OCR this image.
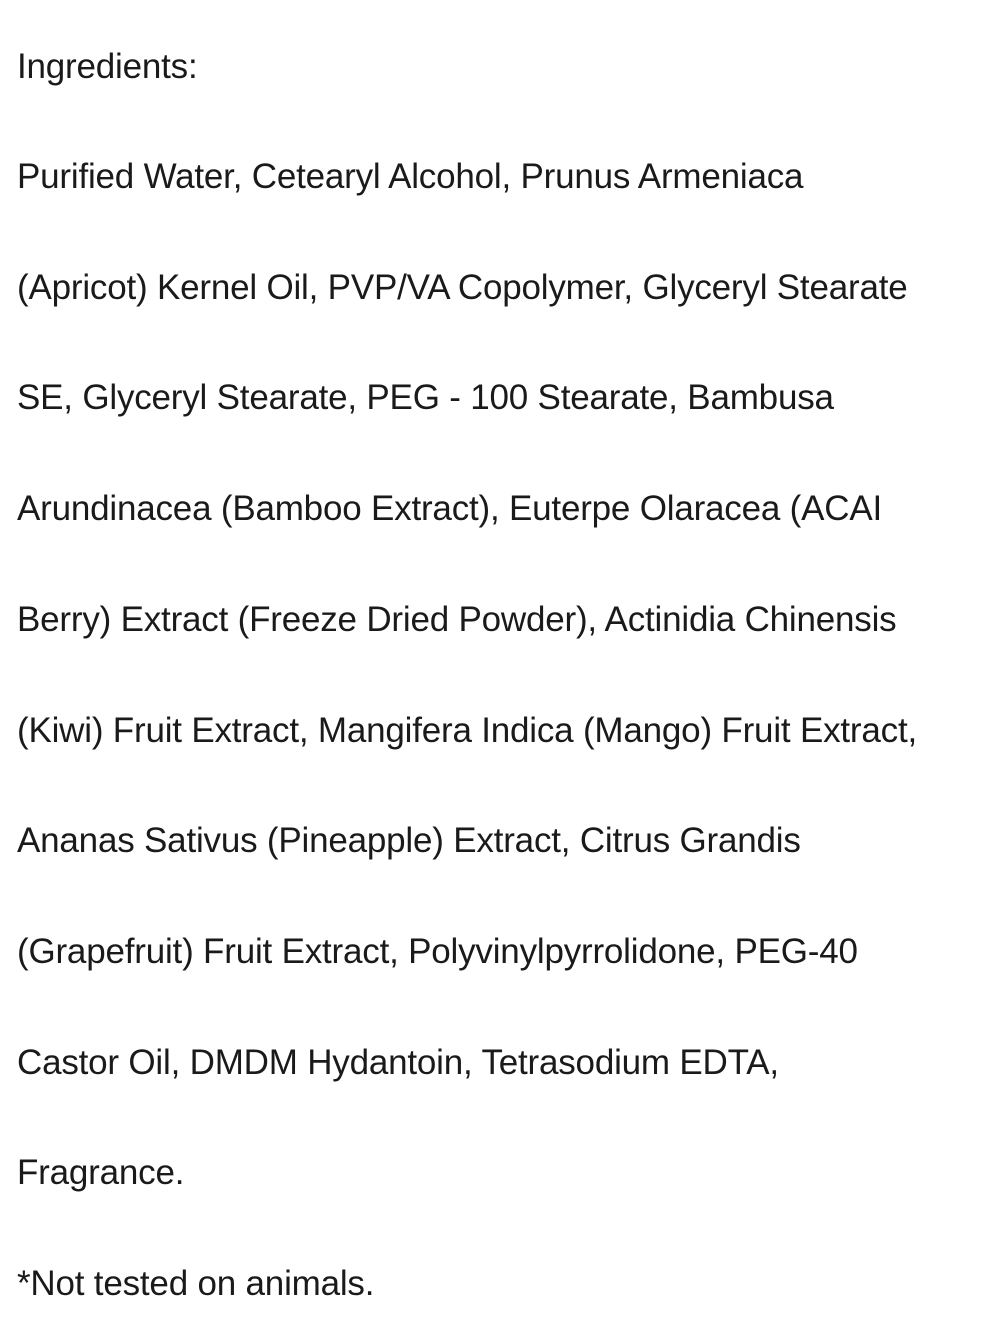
Ingredients:
Purified Water, Cetearyl Alcohol, Prunus Armeniaca
(Apricot) Kernel Oil, PVP/VA Copolymer, Glyceryl Stearate
SE, Glyceryl Stearate, PEG - 100 Stearate, Bambusa
Arundinacea (Bamboo Extract), Euterpe Olaracea (ACAI
Berry) Extract (Freeze Dried Powder), Actinidia Chinensis
(Kiwi) Fruit Extract, Mangifera Indica (Mango) Fruit Extract,
Ananas Sativus (Pineapple) Extract, Citrus Grandis
(Grapefruit) Fruit Extract, Polyvinylpyrrolidone, PEG-40
Castor Oil, DMDM Hydantoin, Tetrasodium EDTA,
Fragrance.
*Not tested on animals.
